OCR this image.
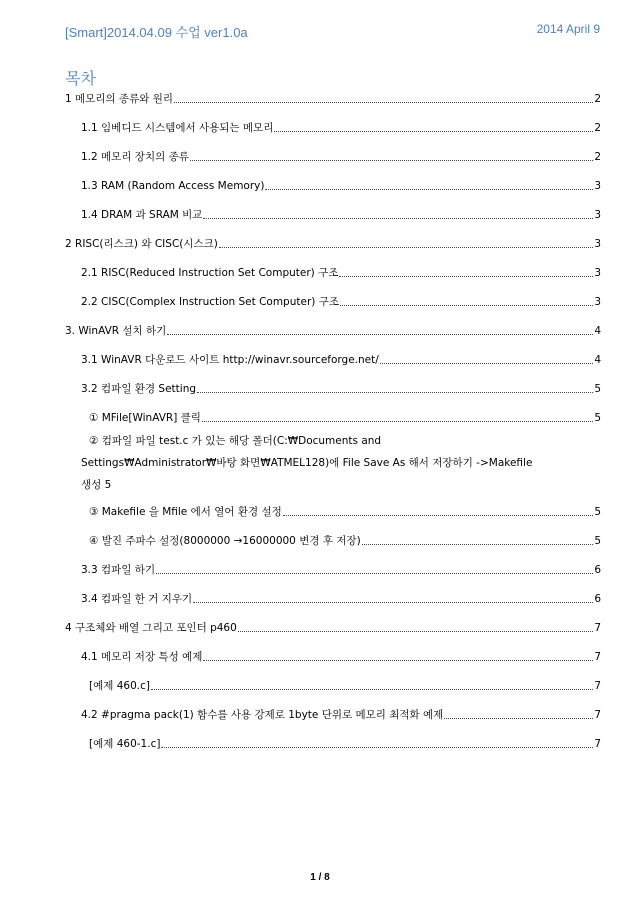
[Smart]2014.04.09 수업 ver1.0a	2014 April 9
목차
1 메모리의 종류와 원리	2
1.1 임베디드 시스템에서 사용되는 메모리	2
1.2 메모리 장치의 종류	2
1.3 RAM (Random Access Memory)	3
1.4 DRAM 과 SRAM 비교	3
2 RISC(리스크) 와 CISC(시스크)	3
2.1 RISC(Reduced Instruction Set Computer) 구조	3
2.2 CISC(Complex Instruction Set Computer) 구조	3
3. WinAVR 설치 하기	4
3.1 WinAVR 다운로드 사이트 http://winavr.sourceforge.net/	4
3.2 컴파일 환경 Setting	5
① MFile[WinAVR] 클릭	5
② 컴파일 파일 test.c 가 있는 해당 폴더(C:₩Documents and
Settings₩Administrator₩바탕 화면₩ATMEL128)에 File Save As 해서 저장하기 ->Makefile
생성 5
③ Makefile 을 Mfile 에서 열어 환경 설정	5
④ 발진 주파수 설정(8000000 →16000000 변경 후 저장)	5
3.3 컴파일 하기	6
3.4 컴파일 한 거 지우기	6
4 구조체와 배열 그리고 포인터 p460	7
4.1 메모리 저장 특성 예제	7
[예제 460.c]	7
4.2 #pragma pack(1) 함수를 사용 강제로 1byte 단위로 메모리 최적화 예제	7
[예제 460-1.c]	7
1 / 8
